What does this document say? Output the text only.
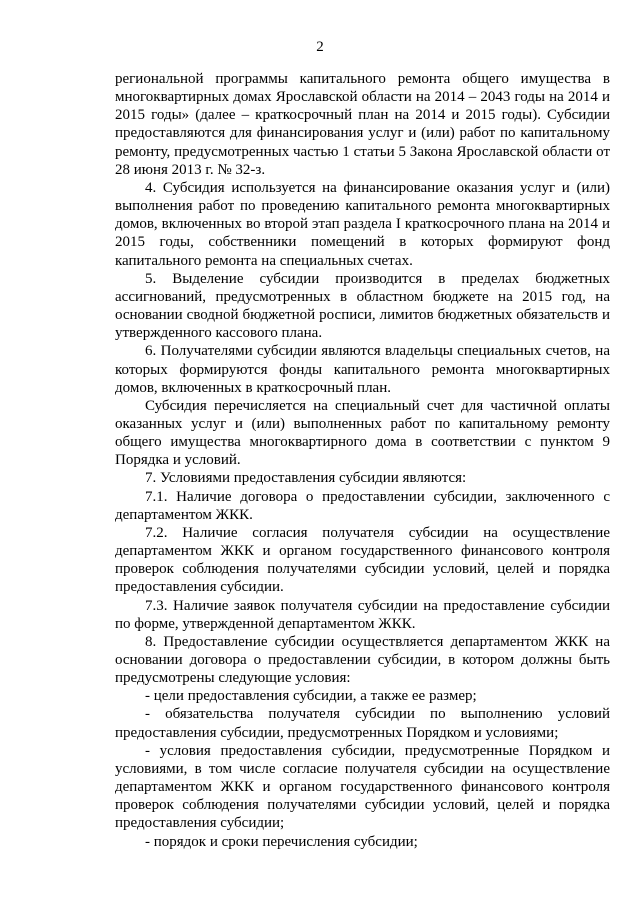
2

региональной программы капитального ремонта общего имущества в многоквартирных домах Ярославской области на 2014 – 2043 годы на 2014 и 2015 годы» (далее – краткосрочный план на 2014 и 2015 годы). Субсидии предоставляются для финансирования услуг и (или) работ по капитальному ремонту, предусмотренных частью 1 статьи 5 Закона Ярославской области от 28 июня 2013 г. № 32-з.

4. Субсидия используется на финансирование оказания услуг и (или) выполнения работ по проведению капитального ремонта многоквартирных домов, включенных во второй этап раздела I краткосрочного плана на 2014 и 2015 годы, собственники помещений в которых формируют фонд капитального ремонта на специальных счетах.

5. Выделение субсидии производится в пределах бюджетных ассигнований, предусмотренных в областном бюджете на 2015 год, на основании сводной бюджетной росписи, лимитов бюджетных обязательств и утвержденного кассового плана.

6. Получателями субсидии являются владельцы специальных счетов, на которых формируются фонды капитального ремонта многоквартирных домов, включенных в краткосрочный план.

Субсидия перечисляется на специальный счет для частичной оплаты оказанных услуг и (или) выполненных работ по капитальному ремонту общего имущества многоквартирного дома в соответствии с пунктом 9 Порядка и условий.

7. Условиями предоставления субсидии являются:

7.1. Наличие договора о предоставлении субсидии, заключенного с департаментом ЖКК.

7.2. Наличие согласия получателя субсидии на осуществление департаментом ЖКК и органом государственного финансового контроля проверок соблюдения получателями субсидии условий, целей и порядка предоставления субсидии.

7.3. Наличие заявок получателя субсидии на предоставление субсидии по форме, утвержденной департаментом ЖКК.

8. Предоставление субсидии осуществляется департаментом ЖКК на основании договора о предоставлении субсидии, в котором должны быть предусмотрены следующие условия:

- цели предоставления субсидии, а также ее размер;

- обязательства получателя субсидии по выполнению условий предоставления субсидии, предусмотренных Порядком и условиями;

- условия предоставления субсидии, предусмотренные Порядком и условиями, в том числе согласие получателя субсидии на осуществление департаментом ЖКК и органом государственного финансового контроля проверок соблюдения получателями субсидии условий, целей и порядка предоставления субсидии;

- порядок и сроки перечисления субсидии;
